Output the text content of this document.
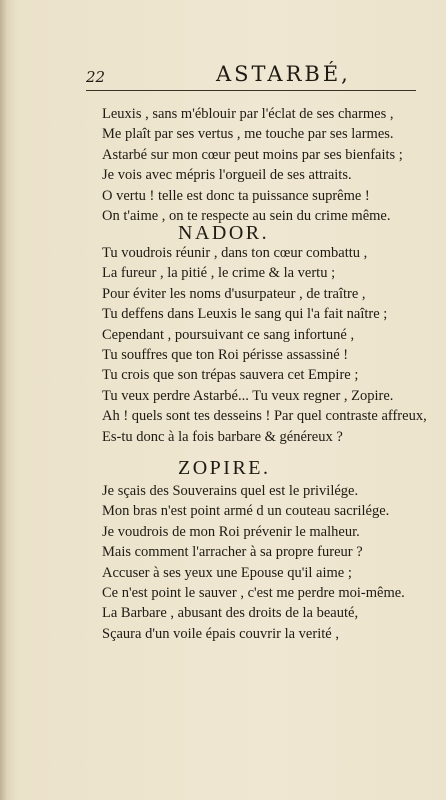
22	ASTARBÉ,
Leuxis , sans m'éblouir par l'éclat de ses charmes ,
Me plaît par ses vertus , me touche par ses larmes.
Astarbé sur mon cœur peut moins par ses bienfaits ;
Je vois avec mépris l'orgueil de ses attraits.
O vertu ! telle est donc ta puissance suprême !
On t'aime , on te respecte au sein du crime même.
NADOR.
Tu voudrois réunir , dans ton cœur combattu ,
La fureur , la pitié , le crime & la vertu ;
Pour éviter les noms d'usurpateur , de traître ,
Tu deffens dans Leuxis le sang qui l'a fait naître ;
Cependant , poursuivant ce sang infortuné ,
Tu souffres que ton Roi périsse assassiné !
Tu crois que son trépas sauvera cet Empire ;
Tu veux perdre Astarbé... Tu veux regner , Zopire.
Ah ! quels sont tes desseins ! Par quel contraste affreux,
Es-tu donc à la fois barbare & généreux ?
ZOPIRE.
Je sçais des Souverains quel est le privilége.
Mon bras n'est point armé d un couteau sacrilége.
Je voudrois de mon Roi prévenir le malheur.
Mais comment l'arracher à sa propre fureur ?
Accuser à ses yeux une Epouse qu'il aime ;
Ce n'est point le sauver , c'est me perdre moi-même.
La Barbare , abusant des droits de la beauté,
Sçaura d'un voile épais couvrir la verité ,
